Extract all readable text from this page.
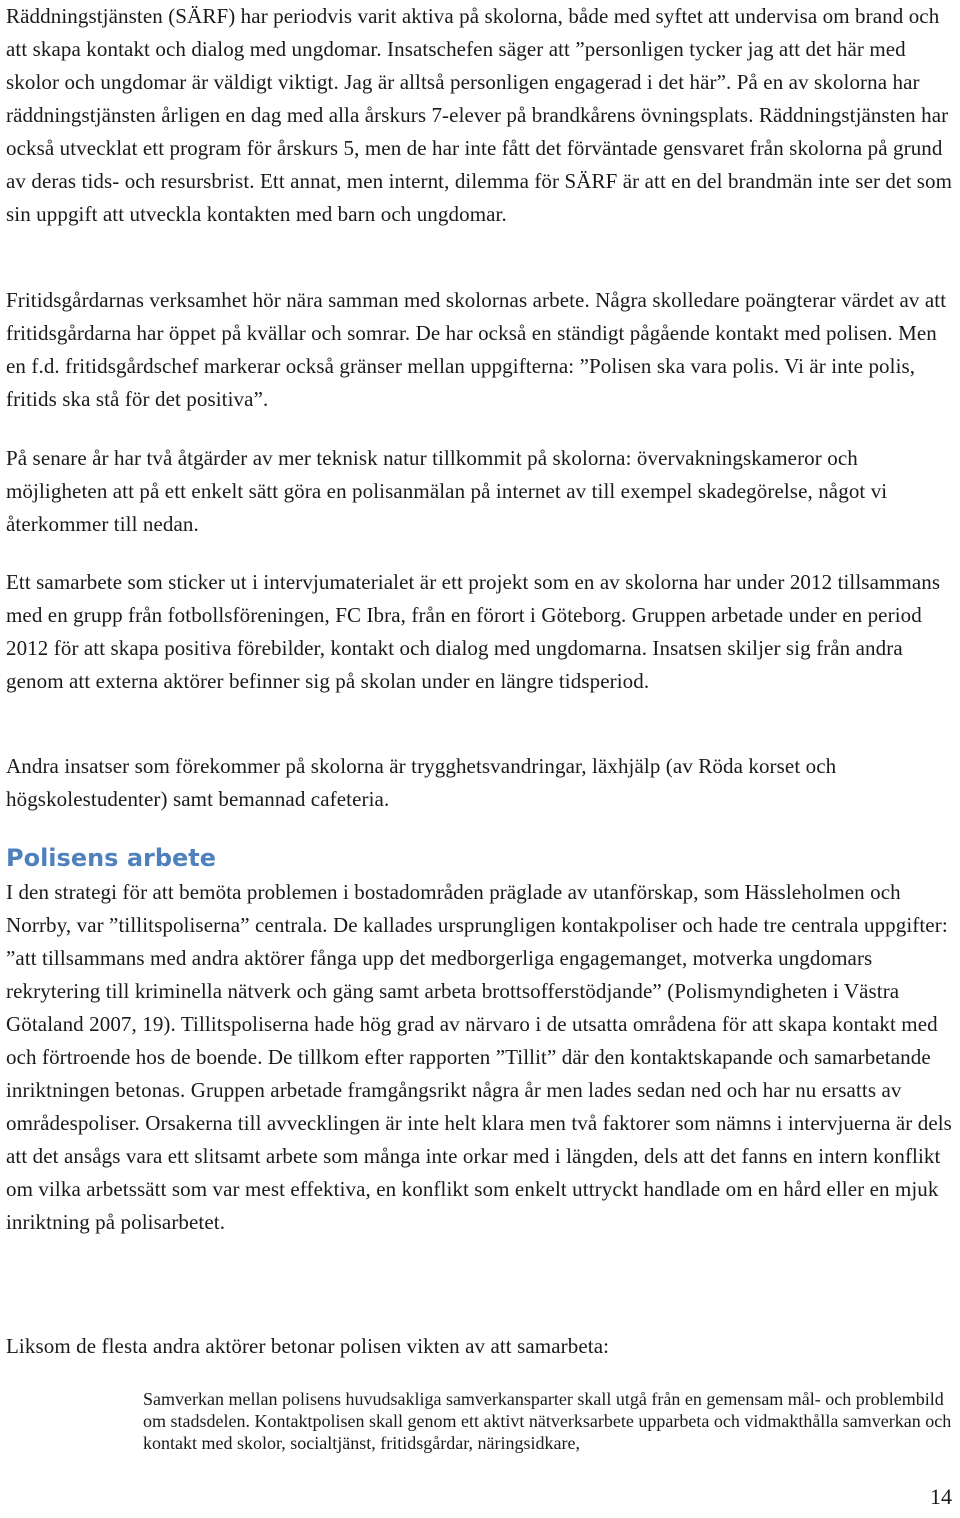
Räddningstjänsten (SÄRF) har periodvis varit aktiva på skolorna, både med syftet att undervisa om brand och att skapa kontakt och dialog med ungdomar. Insatschefen säger att ”personligen tycker jag att det här med skolor och ungdomar är väldigt viktigt. Jag är alltså personligen engagerad i det här”. På en av skolorna har räddningstjänsten årligen en dag med alla årskurs 7-elever på brandkårens övningsplats. Räddningstjänsten har också utvecklat ett program för årskurs 5, men de har inte fått det förväntade gensvaret från skolorna på grund av deras tids- och resursbrist. Ett annat, men internt, dilemma för SÄRF är att en del brandmän inte ser det som sin uppgift att utveckla kontakten med barn och ungdomar.

Fritidsgårdarnas verksamhet hör nära samman med skolornas arbete. Några skolledare poängterar värdet av att fritidsgårdarna har öppet på kvällar och somrar. De har också en ständigt pågående kontakt med polisen. Men en f.d. fritidsgårdschef markerar också gränser mellan uppgifterna: ”Polisen ska vara polis. Vi är inte polis, fritids ska stå för det positiva”.

På senare år har två åtgärder av mer teknisk natur tillkommit på skolorna: övervakningskameror och möjligheten att på ett enkelt sätt göra en polisanmälan på internet av till exempel skadegörelse, något vi återkommer till nedan.

Ett samarbete som sticker ut i intervjumaterialet är ett projekt som en av skolorna har under 2012 tillsammans med en grupp från fotbollsföreningen, FC Ibra, från en förort i Göteborg. Gruppen arbetade under en period 2012 för att skapa positiva förebilder, kontakt och dialog med ungdomarna. Insatsen skiljer sig från andra genom att externa aktörer befinner sig på skolan under en längre tidsperiod.

Andra insatser som förekommer på skolorna är trygghetsvandringar, läxhjälp (av Röda korset och högskolestudenter) samt bemannad cafeteria.

Polisens arbete

I den strategi för att bemöta problemen i bostadområden präglade av utanförskap, som Hässleholmen och Norrby, var ”tillitspoliserna” centrala. De kallades ursprungligen kontakpoliser och hade tre centrala uppgifter: ”att tillsammans med andra aktörer fånga upp det medborgerliga engagemanget, motverka ungdomars rekrytering till kriminella nätverk och gäng samt arbeta brottsofferstödjande” (Polismyndigheten i Västra Götaland 2007, 19). Tillitspoliserna hade hög grad av närvaro i de utsatta områdena för att skapa kontakt med och förtroende hos de boende. De tillkom efter rapporten ”Tillit” där den kontaktskapande och samarbetande inriktningen betonas. Gruppen arbetade framgångsrikt några år men lades sedan ned och har nu ersatts av områdespoliser. Orsakerna till avvecklingen är inte helt klara men två faktorer som nämns i intervjuerna är dels att det ansågs vara ett slitsamt arbete som många inte orkar med i längden, dels att det fanns en intern konflikt om vilka arbetssätt som var mest effektiva, en konflikt som enkelt uttryckt handlade om en hård eller en mjuk inriktning på polisarbetet.

Liksom de flesta andra aktörer betonar polisen vikten av att samarbeta:

Samverkan mellan polisens huvudsakliga samverkansparter skall utgå från en gemensam mål- och problembild om stadsdelen. Kontaktpolisen skall genom ett aktivt nätverksarbete upparbeta och vidmakthålla samverkan och kontakt med skolor, socialtjänst, fritidsgårdar, näringsidkare,

14
